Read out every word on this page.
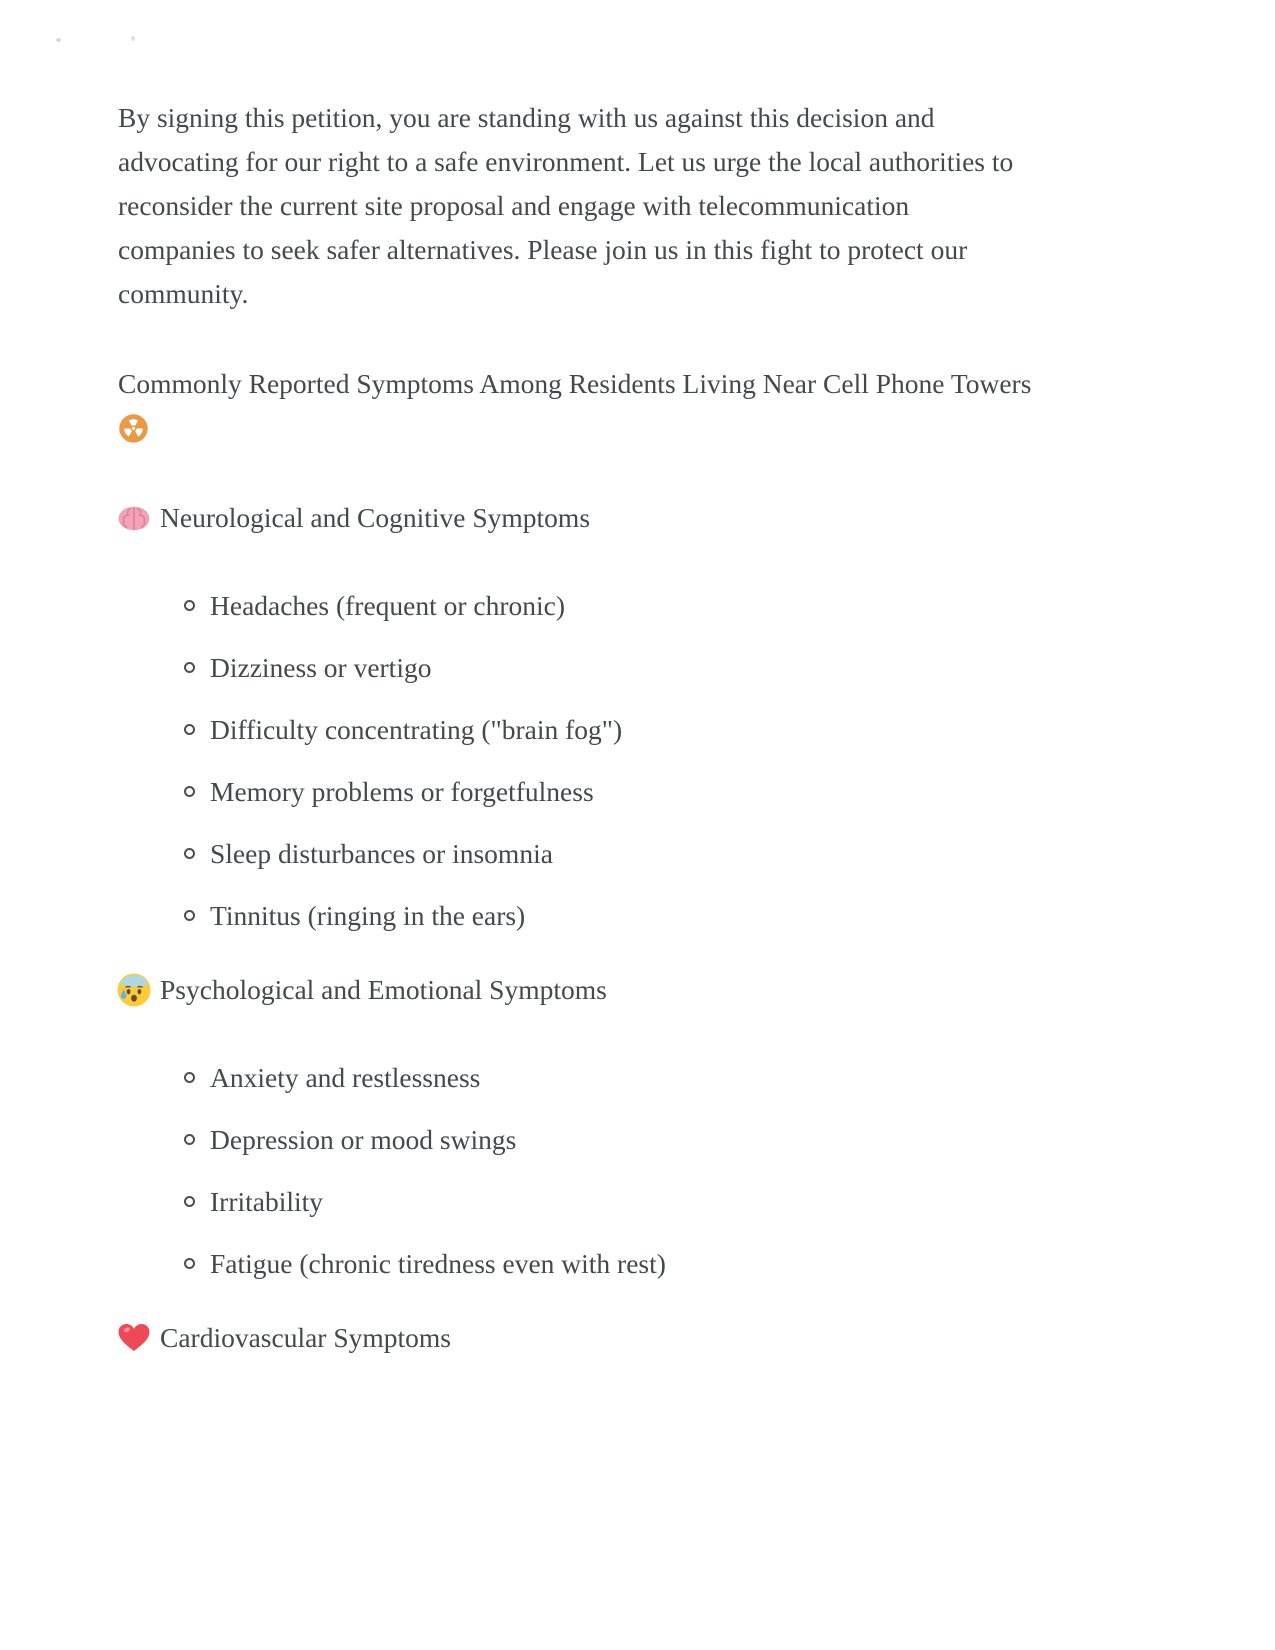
By signing this petition, you are standing with us against this decision and
advocating for our right to a safe environment. Let us urge the local authorities to
reconsider the current site proposal and engage with telecommunication
companies to seek safer alternatives. Please join us in this fight to protect our
community.

Commonly Reported Symptoms Among Residents Living Near Cell Phone Towers

Neurological and Cognitive Symptoms
Headaches (frequent or chronic)
Dizziness or vertigo
Difficulty concentrating ("brain fog")
Memory problems or forgetfulness
Sleep disturbances or insomnia
Tinnitus (ringing in the ears)
Psychological and Emotional Symptoms
Anxiety and restlessness
Depression or mood swings
Irritability
Fatigue (chronic tiredness even with rest)
Cardiovascular Symptoms
